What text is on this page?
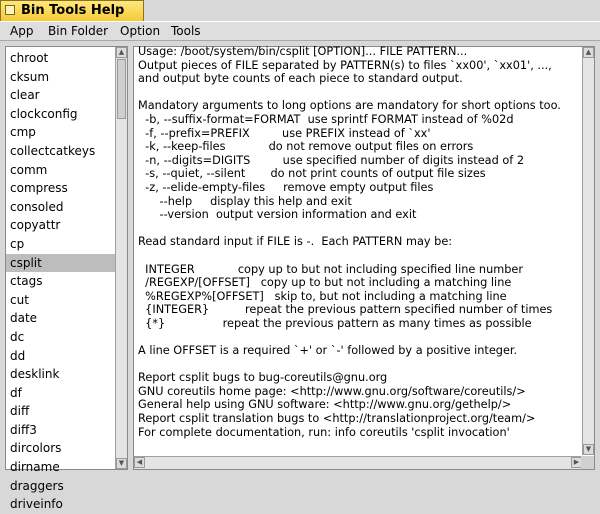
Bin Tools Help
App Bin Folder Option Tools
chroot
cksum
clear
clockconfig
cmp
collectcatkeys
comm
compress
consoled
copyattr
cp
csplit
ctags
cut
date
dc
dd
desklink
df
diff
diff3
dircolors
dirname
draggers
driveinfo
▲
▼
Usage: /boot/system/bin/csplit [OPTION]... FILE PATTERN...
Output pieces of FILE separated by PATTERN(s) to files `xx00', `xx01', ...,
and output byte counts of each piece to standard output.

Mandatory arguments to long options are mandatory for short options too.
-b, --suffix-format=FORMAT  use sprintf FORMAT instead of %02d
-f, --prefix=PREFIX         use PREFIX instead of `xx'
-k, --keep-files            do not remove output files on errors
-n, --digits=DIGITS         use specified number of digits instead of 2
-s, --quiet, --silent       do not print counts of output file sizes
-z, --elide-empty-files     remove empty output files
--help     display this help and exit
--version  output version information and exit

Read standard input if FILE is -.  Each PATTERN may be:

INTEGER            copy up to but not including specified line number
/REGEXP/[OFFSET]   copy up to but not including a matching line
%REGEXP%[OFFSET]   skip to, but not including a matching line
{INTEGER}          repeat the previous pattern specified number of times
{*}                repeat the previous pattern as many times as possible

A line OFFSET is a required `+' or `-' followed by a positive integer.

Report csplit bugs to bug-coreutils@gnu.org
GNU coreutils home page: <http://www.gnu.org/software/coreutils/>
General help using GNU software: <http://www.gnu.org/gethelp/>
Report csplit translation bugs to <http://translationproject.org/team/>
For complete documentation, run: info coreutils 'csplit invocation'
▲
▼
◀	▶
